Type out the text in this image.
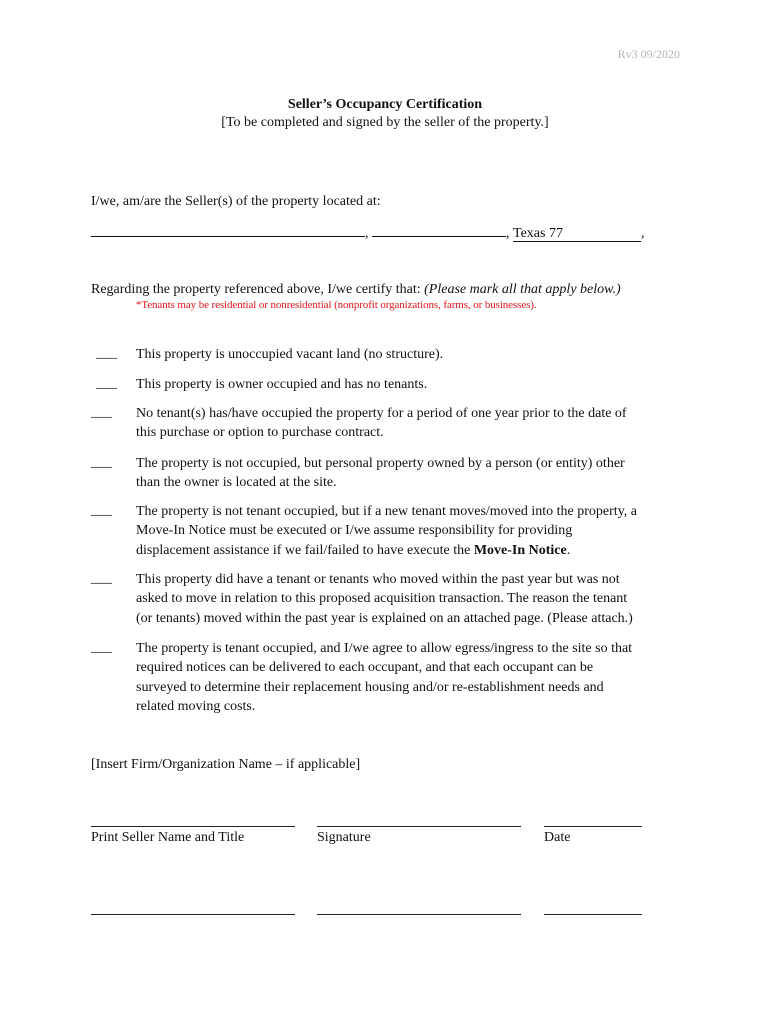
Rv3 09/2020
Seller’s Occupancy Certification
[To be completed and signed by the seller of the property.]
I/we, am/are the Seller(s) of the property located at:
,	, Texas 77	,
Regarding the property referenced above, I/we certify that: (Please mark all that apply below.)
*Tenants may be residential or nonresidential (nonprofit organizations, farms, or businesses).
___	This property is unoccupied vacant land (no structure).
___	This property is owner occupied and has no tenants.
___	No tenant(s) has/have occupied the property for a period of one year prior to the date of
this purchase or option to purchase contract.
___	The property is not occupied, but personal property owned by a person (or entity) other
than the owner is located at the site.
___	The property is not tenant occupied, but if a new tenant moves/moved into the property, a
Move-In Notice must be executed or I/we assume responsibility for providing
displacement assistance if we fail/failed to have execute the Move-In Notice.
___	This property did have a tenant or tenants who moved within the past year but was not
asked to move in relation to this proposed acquisition transaction. The reason the tenant
(or tenants) moved within the past year is explained on an attached page. (Please attach.)
___	The property is tenant occupied, and I/we agree to allow egress/ingress to the site so that
required notices can be delivered to each occupant, and that each occupant can be
surveyed to determine their replacement housing and/or re-establishment needs and
related moving costs.
[Insert Firm/Organization Name – if applicable]
Print Seller Name and Title	Signature	Date
